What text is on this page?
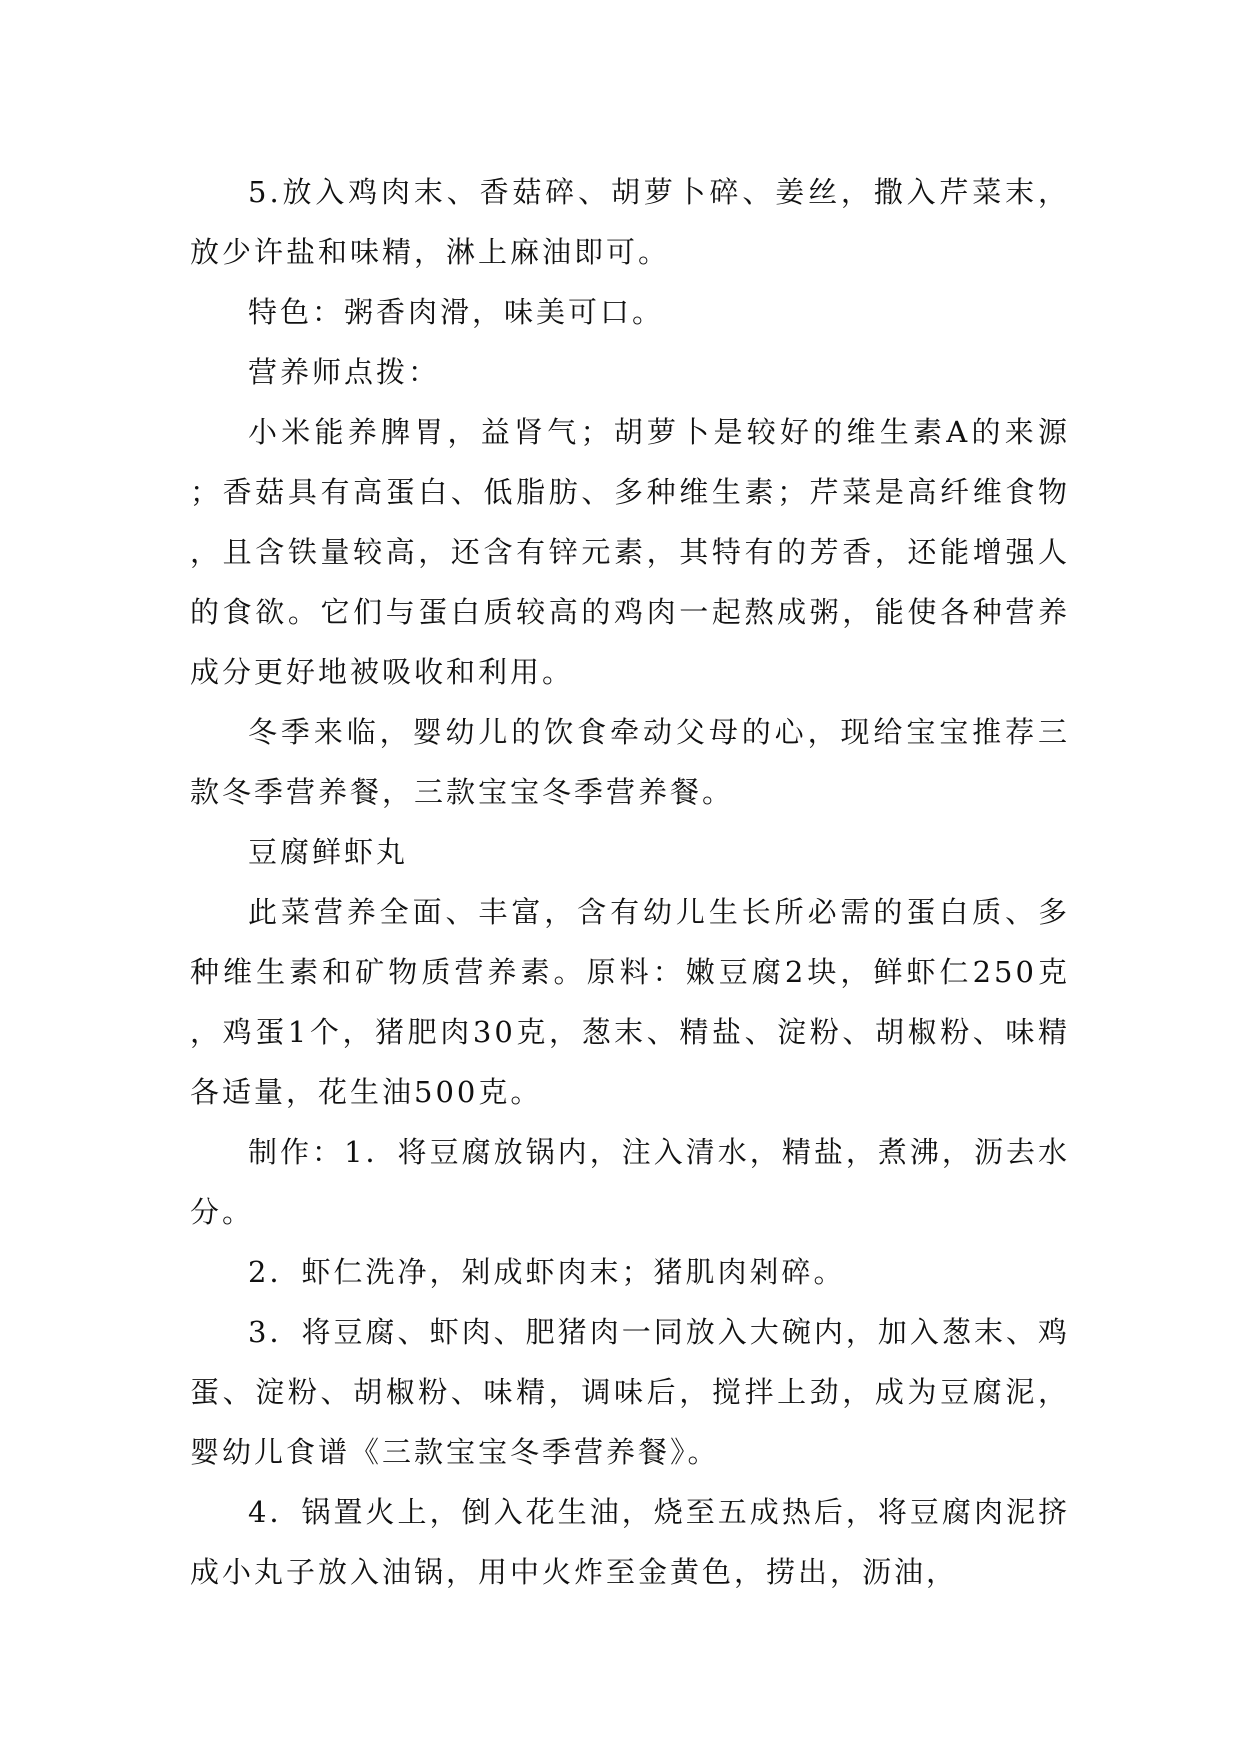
5.放入鸡肉末、香菇碎、胡萝卜碎、姜丝，撒入芹菜末，放少许盐和味精，淋上麻油即可。

特色：粥香肉滑，味美可口。

营养师点拨：

小米能养脾胃，益肾气；胡萝卜是较好的维生素A的来源；香菇具有高蛋白、低脂肪、多种维生素；芹菜是高纤维食物，且含铁量较高，还含有锌元素，其特有的芳香，还能增强人的食欲。它们与蛋白质较高的鸡肉一起熬成粥，能使各种营养成分更好地被吸收和利用。

冬季来临，婴幼儿的饮食牵动父母的心，现给宝宝推荐三款冬季营养餐，三款宝宝冬季营养餐。

豆腐鲜虾丸

此菜营养全面、丰富，含有幼儿生长所必需的蛋白质、多种维生素和矿物质营养素。原料：嫩豆腐2块，鲜虾仁250克，鸡蛋1个，猪肥肉30克，葱末、精盐、淀粉、胡椒粉、味精各适量，花生油500克。

制作：1．将豆腐放锅内，注入清水，精盐，煮沸，沥去水分。

2．虾仁洗净，剁成虾肉末；猪肌肉剁碎。

3．将豆腐、虾肉、肥猪肉一同放入大碗内，加入葱末、鸡蛋、淀粉、胡椒粉、味精，调味后，搅拌上劲，成为豆腐泥，婴幼儿食谱《三款宝宝冬季营养餐》。

4．锅置火上，倒入花生油，烧至五成热后，将豆腐肉泥挤成小丸子放入油锅，用中火炸至金黄色，捞出，沥油，
